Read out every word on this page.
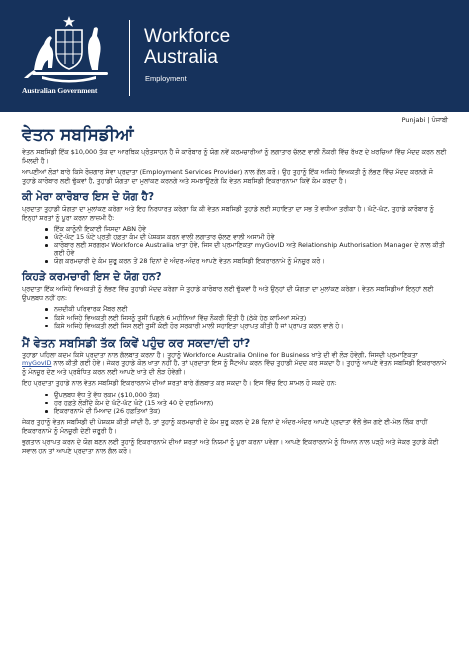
Australian Government
Workforce
Australia
Employment
Punjabi | ਪੰਜਾਬੀ
ਵੇਤਨ ਸਬਸਿਡੀਆਂ

ਵੇਤਨ ਸਬਸਿਡੀ ਇੱਕ $10,000 ਤੱਕ ਦਾ ਆਰਥਿਕ ਪ੍ਰੋਤਸਾਹਨ ਹੈ ਜੋ ਕਾਰੋਬਾਰ ਨੂੰ ਯੋਗ ਨਵੇਂ ਕਰਮਚਾਰੀਆਂ ਨੂੰ ਲਗਾਤਾਰ ਚੱਲਣ ਵਾਲੀ ਨੌਕਰੀ ਵਿੱਚ ਰੱਖਣ ਦੇ ਖ਼ਰਚਿਆਂ ਵਿੱਚ ਮੱਦਦ ਕਰਨ ਲਈ ਮਿਲਦੀ ਹੈ।

ਆਪਣੀਆਂ ਲੋੜਾਂ ਬਾਰੇ ਕਿਸੇ ਰੋਜ਼ਗਾਰ ਸੇਵਾ ਪ੍ਰਦਾਤਾ (Employment Services Provider) ਨਾਲ ਗੱਲ ਕਰੋ। ਉਹ ਤੁਹਾਨੂੰ ਇੱਕ ਅਜਿਹੇ ਵਿਅਕਤੀ ਨੂੰ ਲੱਭਣ ਵਿੱਚ ਮੱਦਦ ਕਰਨਗੇ ਜੋ ਤੁਹਾਡੇ ਕਾਰੋਬਾਰ ਲਈ ਢੁੱਕਵਾਂ ਹੈ, ਤੁਹਾਡੀ ਯੋਗਤਾ ਦਾ ਮੁਲਾਂਕਣ ਕਰਨਗੇ ਅਤੇ ਸਮਝਾਉਣਗੇ ਕਿ ਵੇਤਨ ਸਬਸਿਡੀ ਇਕਰਾਰਨਾਮਾ ਕਿਵੇਂ ਕੰਮ ਕਰਦਾ ਹੈ।

ਕੀ ਮੇਰਾ ਕਾਰੋਬਾਰ ਇਸ ਦੇ ਯੋਗ ਹੈ?

ਪ੍ਰਦਾਤਾ ਤੁਹਾਡੀ ਯੋਗਤਾ ਦਾ ਮੁਲਾਂਕਣ ਕਰੇਗਾ ਅਤੇ ਇਹ ਨਿਰਧਾਰਤ ਕਰੇਗਾ ਕਿ ਕੀ ਵੇਤਨ ਸਬਸਿਡੀ ਤੁਹਾਡੇ ਲਈ ਸਹਾਇਤਾ ਦਾ ਸਭ ਤੋਂ ਵਧੀਆ ਤਰੀਕਾ ਹੈ। ਘੱਟੋ-ਘੱਟ, ਤੁਹਾਡੇ ਕਾਰੋਬਾਰ ਨੂੰ ਇਨ੍ਹਾਂ ਸ਼ਰਤਾਂ ਨੂੰ ਪੂਰਾ ਕਰਨਾ ਲਾਜ਼ਮੀ ਹੈ:

ਇੱਕ ਕਾਨੂੰਨੀ ਇਕਾਈ ਜਿਸਦਾ ABN ਹੋਵੇ
ਘੱਟੋ-ਘੱਟ 15 ਘੰਟੇ ਪ੍ਰਤੀ ਹਫ਼ਤਾ ਕੰਮ ਦੀ ਪੇਸ਼ਕਸ਼ ਕਰਨ ਵਾਲੀ ਲਗਾਤਾਰ ਚੱਲਣ ਵਾਲੀ ਅਸਾਮੀ ਹੋਵੇ
ਕਾਰੋਬਾਰ ਲਈ ਸਰਗਰਮ Workforce Australia ਖਾਤਾ ਹੋਵੇ, ਜਿਸ ਦੀ ਪ੍ਰਮਾਣਿਕਤਾ myGovID ਅਤੇ Relationship Authorisation Manager ਦੇ ਨਾਲ ਕੀਤੀ ਗਈ ਹੋਵੇ
ਯੋਗ ਕਰਮਚਾਰੀ ਦੇ ਕੰਮ ਸ਼ੁਰੂ ਕਰਨ ਤੋਂ 28 ਦਿਨਾਂ ਦੇ ਅੰਦਰ-ਅੰਦਰ ਆਪਣੇ ਵੇਤਨ ਸਬਸਿਡੀ ਇਕਰਾਰਨਾਮੇ ਨੂੰ ਮੰਨਜ਼ੂਰ ਕਰੋ।
ਕਿਹੜੇ ਕਰਮਚਾਰੀ ਇਸ ਦੇ ਯੋਗ ਹਨ?

ਪ੍ਰਦਾਤਾ ਇੱਕ ਅਜਿਹੇ ਵਿਅਕਤੀ ਨੂੰ ਲੱਭਣ ਵਿੱਚ ਤੁਹਾਡੀ ਮੱਦਦ ਕਰੇਗਾ ਜੋ ਤੁਹਾਡੇ ਕਾਰੋਬਾਰ ਲਈ ਢੁੱਕਵਾਂ ਹੈ ਅਤੇ ਉਨ੍ਹਾਂ ਦੀ ਯੋਗਤਾ ਦਾ ਮੁਲਾਂਕਣ ਕਰੇਗਾ। ਵੇਤਨ ਸਬਸਿਡੀਆਂ ਇਨ੍ਹਾਂ ਲਈ ਉਪਲਬਧ ਨਹੀਂ ਹਨ:

ਨਜ਼ਦੀਕੀ ਪਰਿਵਾਰਕ ਮੈਂਬਰ ਲਈ
ਕਿਸੇ ਅਜਿਹੇ ਵਿਅਕਤੀ ਲਈ ਜਿਸਨੂੰ ਤੁਸੀਂ ਪਿਛਲੇ 6 ਮਹੀਨਿਆਂ ਵਿੱਚ ਨੌਕਰੀ ਦਿੱਤੀ ਹੈ (ਠੇਕੇ ਹੇਠ ਕਾਮਿਆਂ ਸਮੇਤ)
ਕਿਸੇ ਅਜਿਹੇ ਵਿਅਕਤੀ ਲਈ ਜਿਸ ਲਈ ਤੁਸੀਂ ਕੋਈ ਹੋਰ ਸਰਕਾਰੀ ਮਾਲੀ ਸਹਾਇਤਾ ਪ੍ਰਾਪਤ ਕੀਤੀ ਹੈ ਜਾਂ ਪ੍ਰਾਪਤ ਕਰਨ ਵਾਲੇ ਹੋ।
ਮੈਂ ਵੇਤਨ ਸਬਸਿਡੀ ਤੱਕ ਕਿਵੇਂ ਪਹੁੰਚ ਕਰ ਸਕਦਾ/ਦੀ ਹਾਂ?

ਤੁਹਾਡਾ ਪਹਿਲਾ ਕਦਮ ਕਿਸੇ ਪ੍ਰਦਾਤਾ ਨਾਲ ਗੱਲਬਾਤ ਕਰਨਾ ਹੈ। ਤੁਹਾਨੂੰ Workforce Australia Online for Business ਖਾਤੇ ਦੀ ਵੀ ਲੋੜ ਹੋਵੇਗੀ, ਜਿਸਦੀ ਪ੍ਰਮਾਣਿਕਤਾ myGovID ਨਾਲ ਕੀਤੀ ਗਈ ਹੋਵੇ। ਜੇਕਰ ਤੁਹਾਡੇ ਕੋਲ ਖਾਤਾ ਨਹੀਂ ਹੈ, ਤਾਂ ਪ੍ਰਦਾਤਾ ਇਸ ਨੂੰ ਸੈੱਟਅੱਪ ਕਰਨ ਵਿੱਚ ਤੁਹਾਡੀ ਮੱਦਦ ਕਰ ਸਕਦਾ ਹੈ। ਤੁਹਾਨੂੰ ਆਪਣੇ ਵੇਤਨ ਸਬਸਿਡੀ ਇਕਰਾਰਨਾਮੇ ਨੂੰ ਮੰਨਜ਼ੂਰ ਦੇਣ ਅਤੇ ਪ੍ਰਬੰਧਿਤ ਕਰਨ ਲਈ ਆਪਣੇ ਖਾਤੇ ਦੀ ਲੋੜ ਹੋਵੇਗੀ।

ਇਹ ਪ੍ਰਦਾਤਾ ਤੁਹਾਡੇ ਨਾਲ ਵੇਤਨ ਸਬਸਿਡੀ ਇਕਰਾਰਨਾਮੇ ਦੀਆਂ ਸ਼ਰਤਾਂ ਬਾਰੇ ਗੱਲਬਾਤ ਕਰ ਸਕਦਾ ਹੈ। ਇਸ ਵਿੱਚ ਇਹ ਸ਼ਾਮਲ ਹੋ ਸਕਦੇ ਹਨ:

ਉਪਲਬਧ ਵੱਧ ਤੋਂ ਵੱਧ ਰਕਮ ($10,000 ਤੱਕ)
ਹਰ ਹਫ਼ਤੇ ਲੋੜੀਂਦੇ ਕੰਮ ਦੇ ਘੱਟੋ-ਘੱਟ ਘੰਟੇ (15 ਅਤੇ 40 ਦੇ ਦਰਮਿਆਨ)
ਇਕਰਾਰਨਾਮੇ ਦੀ ਮਿਆਦ (26 ਹਫ਼ਤਿਆਂ ਤੱਕ)

ਜੇਕਰ ਤੁਹਾਨੂੰ ਵੇਤਨ ਸਬਸਿਡੀ ਦੀ ਪੇਸ਼ਕਸ਼ ਕੀਤੀ ਜਾਂਦੀ ਹੈ, ਤਾਂ ਤੁਹਾਨੂੰ ਕਰਮਚਾਰੀ ਦੇ ਕੰਮ ਸ਼ੁਰੂ ਕਰਨ ਦੇ 28 ਦਿਨਾਂ ਦੇ ਅੰਦਰ-ਅੰਦਰ ਆਪਣੇ ਪ੍ਰਦਾਤਾ ਵੱਲੋਂ ਭੇਜ ਗਏ ਈ-ਮੇਲ ਲਿੰਕ ਰਾਹੀਂ ਇਕਰਾਰਨਾਮੇ ਨੂੰ ਮੰਨਜ਼ੂਰੀ ਦੇਣੀ ਜ਼ਰੂਰੀ ਹੈ।

ਭੁਗਤਾਨ ਪ੍ਰਾਪਤ ਕਰਨ ਦੇ ਯੋਗ ਬਣਨ ਲਈ ਤੁਹਾਨੂੰ ਇਕਰਾਰਨਾਮੇ ਦੀਆਂ ਸ਼ਰਤਾਂ ਅਤੇ ਨਿਯਮਾਂ ਨੂੰ ਪੂਰਾ ਕਰਨਾ ਪਵੇਗਾ। ਆਪਣੇ ਇਕਰਾਰਨਾਮੇ ਨੂੰ ਧਿਆਨ ਨਾਲ ਪੜ੍ਹੋ ਅਤੇ ਜੇਕਰ ਤੁਹਾਡੇ ਕੋਈ ਸਵਾਲ ਹਨ ਤਾਂ ਆਪਣੇ ਪ੍ਰਦਾਤਾ ਨਾਲ ਗੱਲ ਕਰੋ।
